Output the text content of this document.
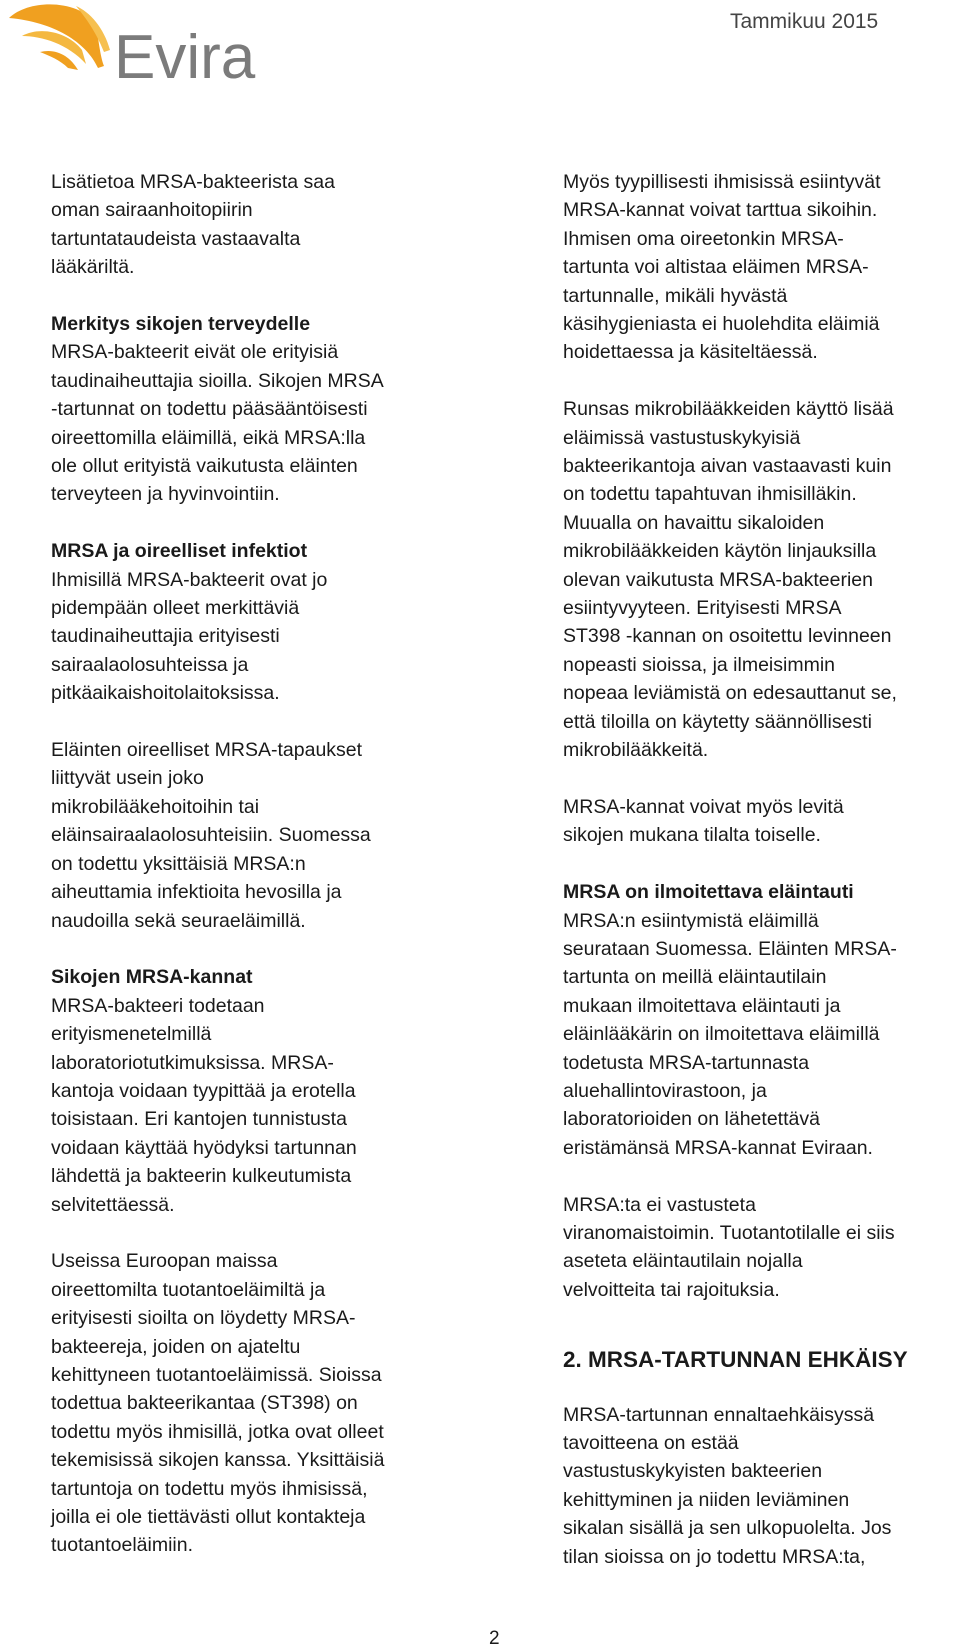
Evira
Tammikuu 2015

Lisätietoa MRSA-bakteerista saa
oman sairaanhoitopiirin
tartuntataudeista vastaavalta
lääkäriltä.

Merkitys sikojen terveydelle
MRSA-bakteerit eivät ole erityisiä
taudinaiheuttajia sioilla. Sikojen MRSA
-tartunnat on todettu pääsääntöisesti
oireettomilla eläimillä, eikä MRSA:lla
ole ollut erityistä vaikutusta eläinten
terveyteen ja hyvinvointiin.

MRSA ja oireelliset infektiot
Ihmisillä MRSA-bakteerit ovat jo
pidempään olleet merkittäviä
taudinaiheuttajia erityisesti
sairaalaolosuhteissa ja
pitkäaikaishoitolaitoksissa.

Eläinten oireelliset MRSA-tapaukset
liittyvät usein joko
mikrobilääkehoitoihin tai
eläinsairaalaolosuhteisiin. Suomessa
on todettu yksittäisiä MRSA:n
aiheuttamia infektioita hevosilla ja
naudoilla sekä seuraeläimillä.

Sikojen MRSA-kannat
MRSA-bakteeri todetaan
erityismenetelmillä
laboratoriotutkimuksissa. MRSA-
kantoja voidaan tyypittää ja erotella
toisistaan. Eri kantojen tunnistusta
voidaan käyttää hyödyksi tartunnan
lähdettä ja bakteerin kulkeutumista
selvitettäessä.

Useissa Euroopan maissa
oireettomilta tuotantoeläimiltä ja
erityisesti sioilta on löydetty MRSA-
bakteereja, joiden on ajateltu
kehittyneen tuotantoeläimissä. Sioissa
todettua bakteerikantaa (ST398) on
todettu myös ihmisillä, jotka ovat olleet
tekemisissä sikojen kanssa. Yksittäisiä
tartuntoja on todettu myös ihmisissä,
joilla ei ole tiettävästi ollut kontakteja
tuotantoeläimiin.

Myös tyypillisesti ihmisissä esiintyvät
MRSA-kannat voivat tarttua sikoihin.
Ihmisen oma oireetonkin MRSA-
tartunta voi altistaa eläimen MRSA-
tartunnalle, mikäli hyvästä
käsihygieniasta ei huolehdita eläimiä
hoidettaessa ja käsiteltäessä.

Runsas mikrobilääkkeiden käyttö lisää
eläimissä vastustuskykyisiä
bakteerikantoja aivan vastaavasti kuin
on todettu tapahtuvan ihmisilläkin.
Muualla on havaittu sikaloiden
mikrobilääkkeiden käytön linjauksilla
olevan vaikutusta MRSA-bakteerien
esiintyvyyteen. Erityisesti MRSA
ST398 -kannan on osoitettu levinneen
nopeasti sioissa, ja ilmeisimmin
nopeaa leviämistä on edesauttanut se,
että tiloilla on käytetty säännöllisesti
mikrobilääkkeitä.

MRSA-kannat voivat myös levitä
sikojen mukana tilalta toiselle.

MRSA on ilmoitettava eläintauti
MRSA:n esiintymistä eläimillä
seurataan Suomessa. Eläinten MRSA-
tartunta on meillä eläintautilain
mukaan ilmoitettava eläintauti ja
eläinlääkärin on ilmoitettava eläimillä
todetusta MRSA-tartunnasta
aluehallintovirastoon, ja
laboratorioiden on lähetettävä
eristämänsä MRSA-kannat Eviraan.

MRSA:ta ei vastusteta
viranomaistoimin. Tuotantotilalle ei siis
aseteta eläintautilain nojalla
velvoitteita tai rajoituksia.

2. MRSA-TARTUNNAN EHKÄISY

MRSA-tartunnan ennaltaehkäisyssä
tavoitteena on estää
vastustuskykyisten bakteerien
kehittyminen ja niiden leviäminen
sikalan sisällä ja sen ulkopuolelta. Jos
tilan sioissa on jo todettu MRSA:ta,

2
